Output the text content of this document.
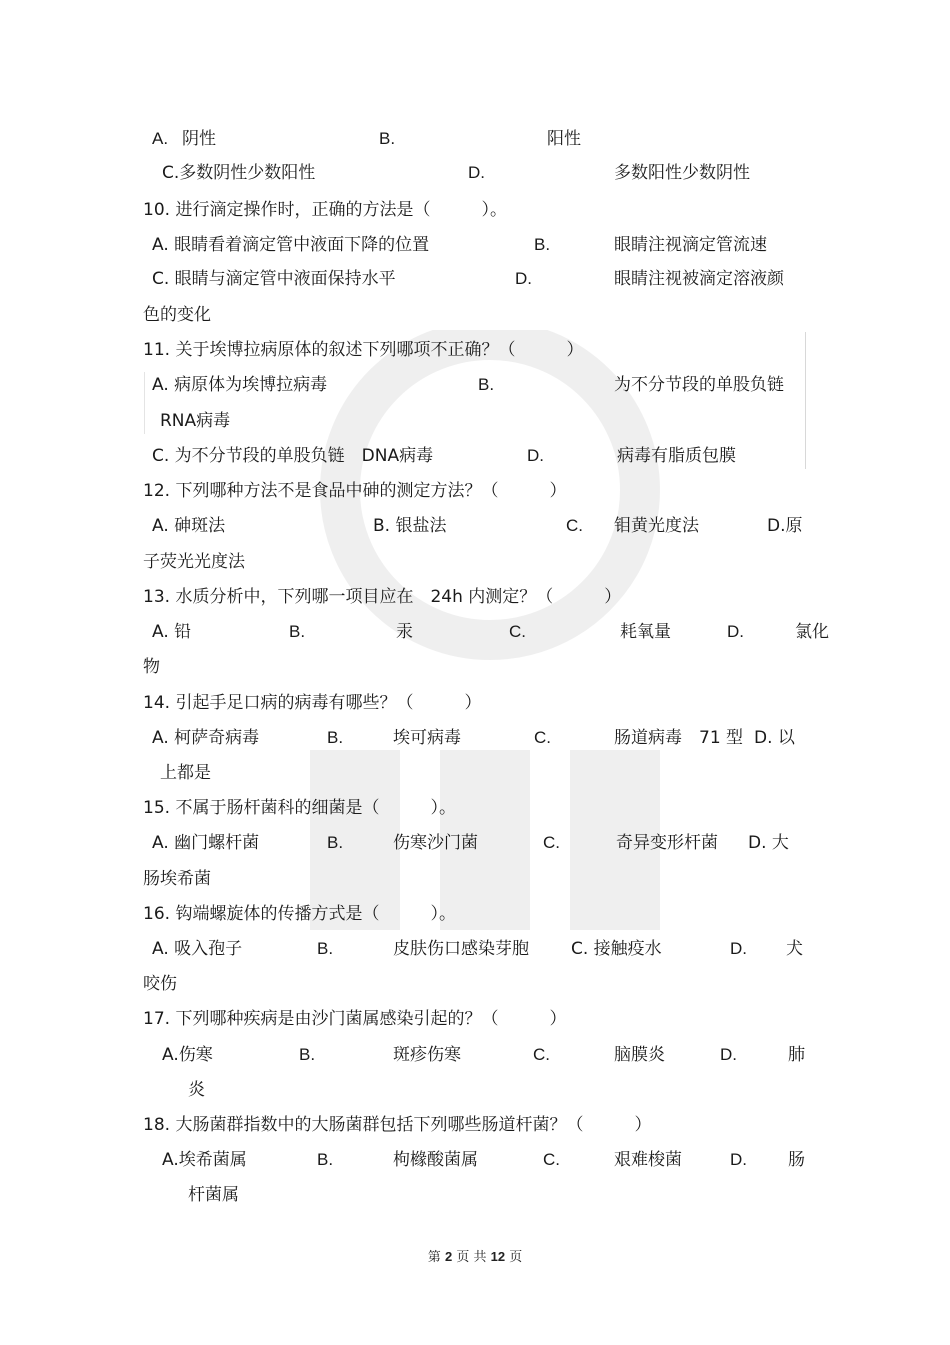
A. 阴性	B.	阳性
C.多数阴性少数阳性	D.	多数阳性少数阴性
10. 进行滴定操作时，正确的方法是（　　　）。
A. 眼睛看着滴定管中液面下降的位置	B.	眼睛注视滴定管流速
C. 眼睛与滴定管中液面保持水平	D.	眼睛注视被滴定溶液颜
色的变化
11. 关于埃博拉病原体的叙述下列哪项不正确？（　　　）
A. 病原体为埃博拉病毒	B.	为不分节段的单股负链
RNA病毒
C. 为不分节段的单股负链　DNA病毒	D.	病毒有脂质包膜
12. 下列哪种方法不是食品中砷的测定方法？（　　　）
A. 砷斑法	B. 银盐法	C. 钼黄光度法	D.原
子荧光光度法
13. 水质分析中，下列哪一项目应在　24h 内测定？（　　　）
A. 铅	B.	汞	C.	耗氧量	D.	氯化
物
14. 引起手足口病的病毒有哪些？（　　　）
A. 柯萨奇病毒	B.	埃可病毒	C.	肠道病毒　71 型 D. 以
上都是
15. 不属于肠杆菌科的细菌是（　　　）。
A. 幽门螺杆菌	B.	伤寒沙门菌	C.	奇异变形杆菌 D. 大
肠埃希菌
16. 钩端螺旋体的传播方式是（　　　）。
A. 吸入孢子	B.	皮肤伤口感染芽胞 C. 接触疫水	D. 犬
咬伤
17. 下列哪种疾病是由沙门菌属感染引起的？（　　　）
A.伤寒	B.	斑疹伤寒	C.	脑膜炎	D.	肺
炎
18. 大肠菌群指数中的大肠菌群包括下列哪些肠道杆菌？（　　　）
A.埃希菌属	B.	枸橼酸菌属	C.	艰难梭菌	D. 肠
杆菌属
第 2 页 共 12 页
